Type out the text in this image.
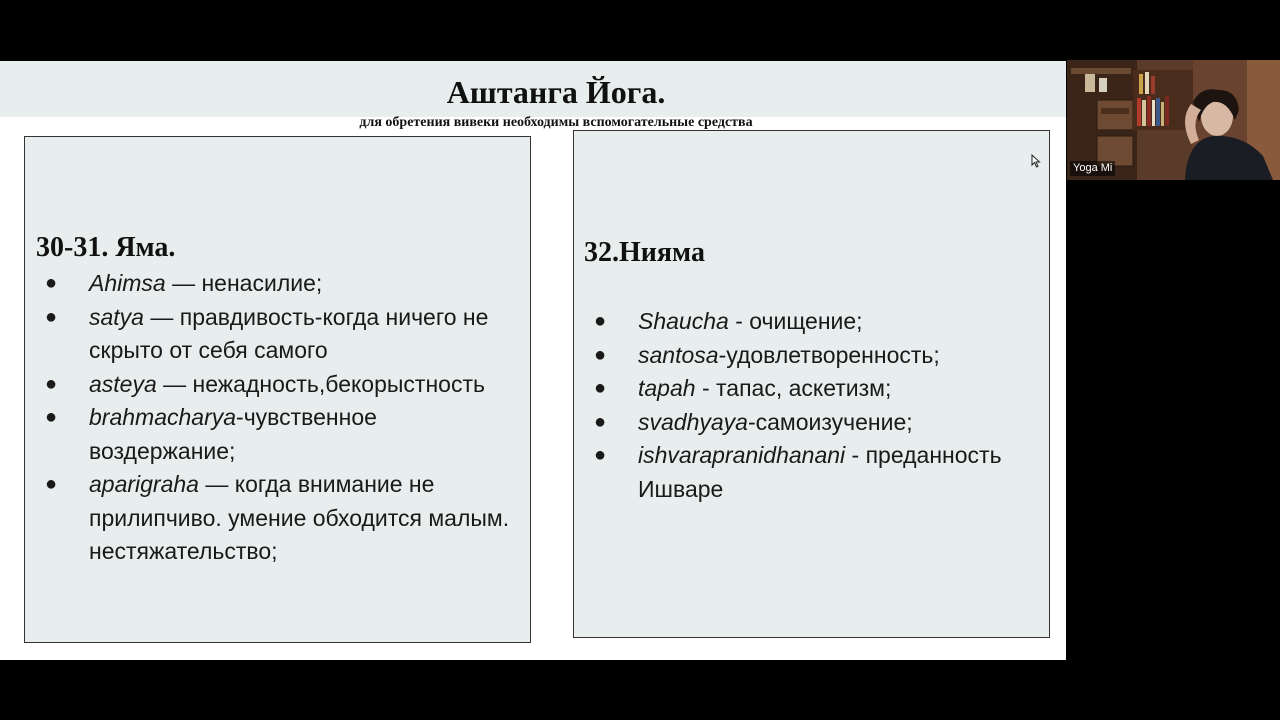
Аштанга Йога.

для обретения вивеки необходимы вспомогательные средства

30-31. Яма.
● Ahimsa — ненасилие;
● satya — правдивость-когда ничего не скрыто от себя самого
● asteya — нежадность,бекорыстность
● brahmacharya-чувственное воздержание;
● aparigraha — когда внимание не прилипчиво. умение обходится малым. нестяжательство;
32.Нияма
● Shaucha - очищение;
● santosa-удовлетворенность;
● tapah - тапас, аскетизм;
● svadhyaya-самоизучение;
● ishvarapranidhanani - преданность Ишваре
Yoga Mi
